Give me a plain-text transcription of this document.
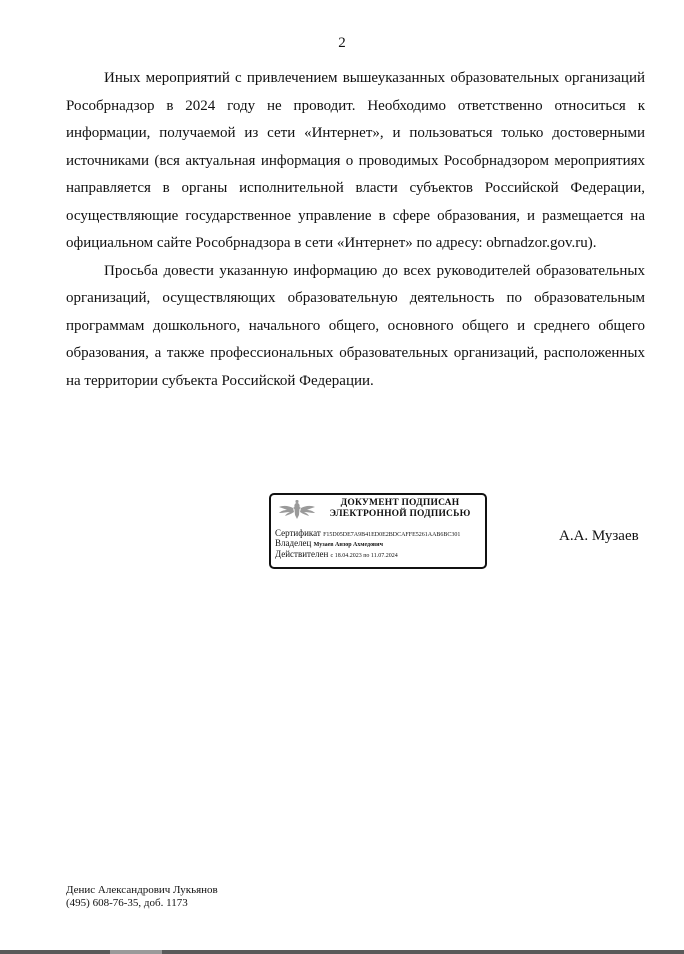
2

Иных мероприятий с привлечением вышеуказанных образовательных организаций Рособрнадзор в 2024 году не проводит. Необходимо ответственно относиться к информации, получаемой из сети «Интернет», и пользоваться только достоверными источниками (вся актуальная информация о проводимых Рособрнадзором мероприятиях направляется в органы исполнительной власти субъектов Российской Федерации, осуществляющие государственное управление в сфере образования, и размещается на официальном сайте Рособрнадзора в сети «Интернет» по адресу: obrnadzor.gov.ru).

Просьба довести указанную информацию до всех руководителей образовательных организаций, осуществляющих образовательную деятельность по образовательным программам дошкольного, начального общего, основного общего и среднего общего образования, а также профессиональных образовательных организаций, расположенных на территории субъекта Российской Федерации.

ДОКУМЕНТ ПОДПИСАН
ЭЛЕКТРОННОЙ ПОДПИСЬЮ
Сертификат F15D05DE7A9B41ED0E2BDCAFFE5261AAB6BC301
Владелец Музаев Анзор Ахмедович
Действителен с 18.04.2023 по 11.07.2024
А.А. Музаев
Денис Александрович Лукьянов
(495) 608-76-35, доб. 1173
